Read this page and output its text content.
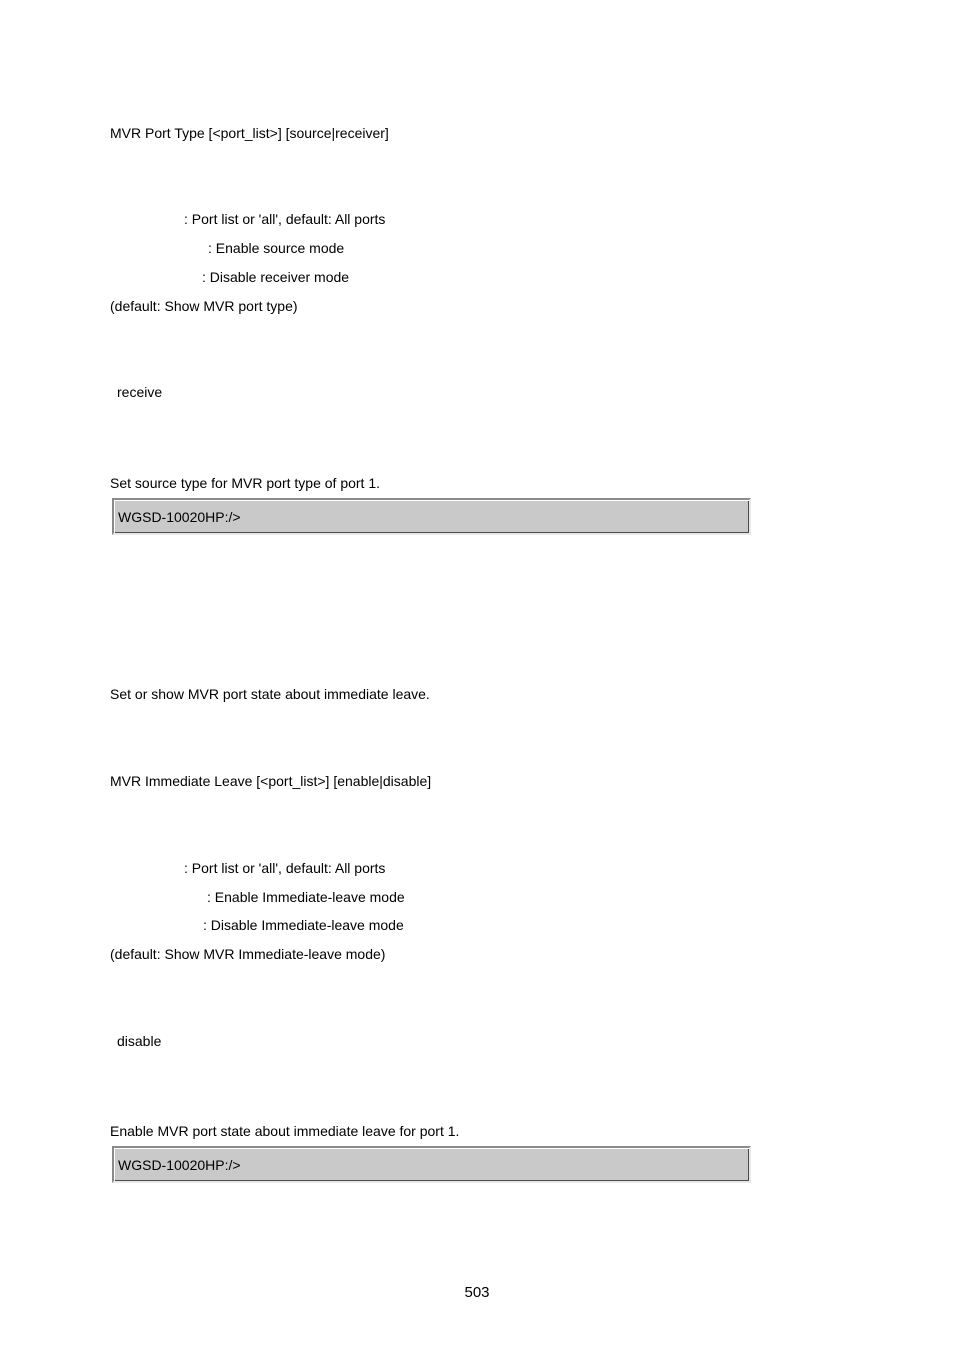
MVR Port Type [<port_list>] [source|receiver]
: Port list or 'all', default: All ports
: Enable source mode
: Disable receiver mode
(default: Show MVR port type)
receive
Set source type for MVR port type of port 1.
WGSD-10020HP:/>
Set or show MVR port state about immediate leave.
MVR Immediate Leave [<port_list>] [enable|disable]
: Port list or 'all', default: All ports
: Enable Immediate-leave mode
: Disable Immediate-leave mode
(default: Show MVR Immediate-leave mode)
disable
Enable MVR port state about immediate leave for port 1.
WGSD-10020HP:/>
503
